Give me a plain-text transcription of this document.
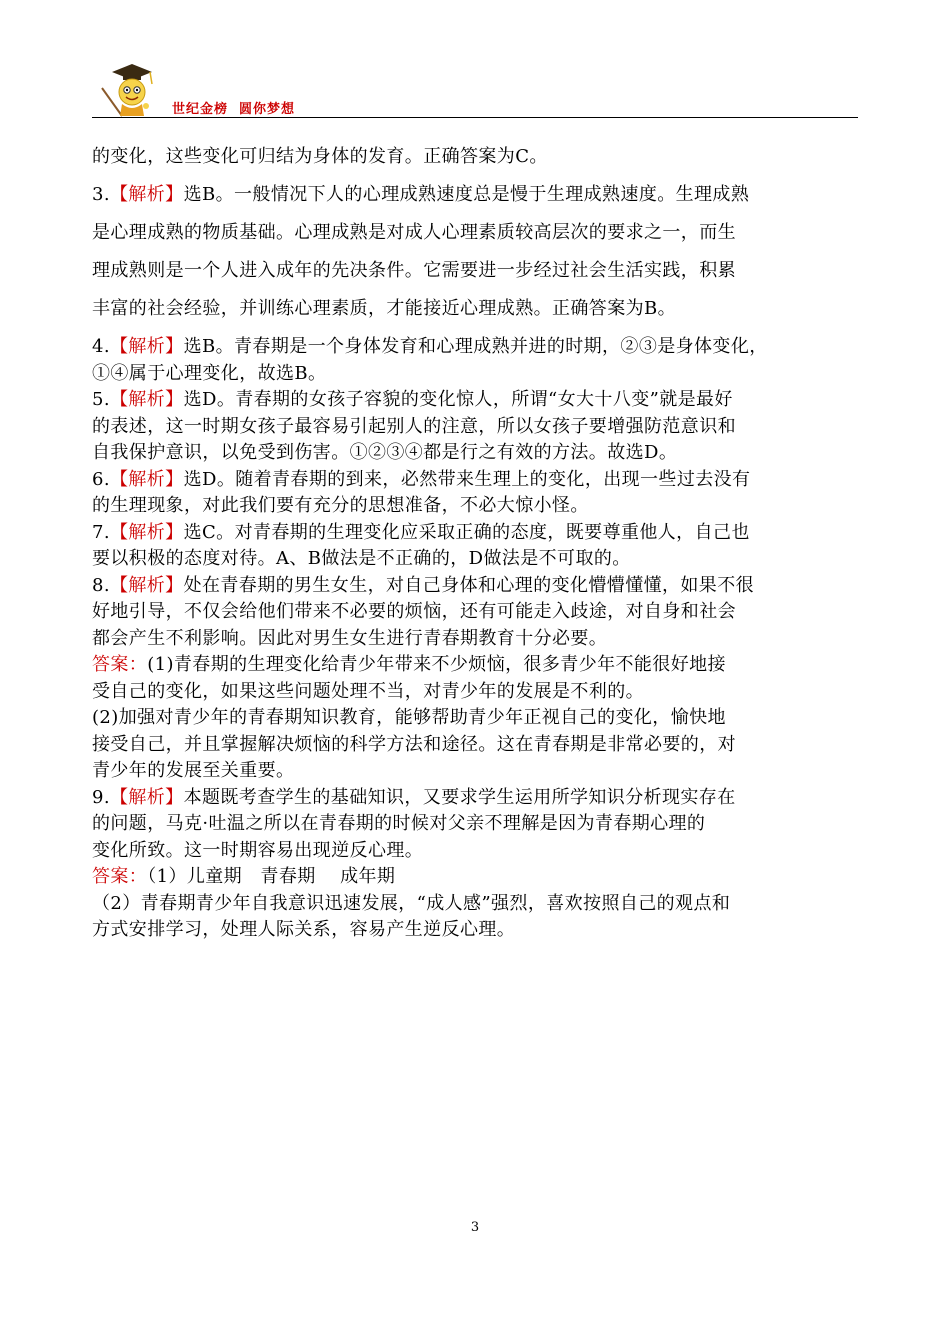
世纪金榜  圆你梦想
的变化，这些变化可归结为身体的发育。正确答案为C。
3.【解析】选B。一般情况下人的心理成熟速度总是慢于生理成熟速度。生理成熟
是心理成熟的物质基础。心理成熟是对成人心理素质较高层次的要求之一，而生
理成熟则是一个人进入成年的先决条件。它需要进一步经过社会生活实践，积累
丰富的社会经验，并训练心理素质，才能接近心理成熟。正确答案为B。
4.【解析】选B。青春期是一个身体发育和心理成熟并进的时期，②③是身体变化，
①④属于心理变化，故选B。
5.【解析】选D。青春期的女孩子容貌的变化惊人，所谓“女大十八变”就是最好
的表述，这一时期女孩子最容易引起别人的注意，所以女孩子要增强防范意识和
自我保护意识，以免受到伤害。①②③④都是行之有效的方法。故选D。
6.【解析】选D。随着青春期的到来，必然带来生理上的变化，出现一些过去没有
的生理现象，对此我们要有充分的思想准备，不必大惊小怪。
7.【解析】选C。对青春期的生理变化应采取正确的态度，既要尊重他人，自己也
要以积极的态度对待。A、B做法是不正确的，D做法是不可取的。
8.【解析】处在青春期的男生女生，对自己身体和心理的变化懵懵懂懂，如果不很
好地引导，不仅会给他们带来不必要的烦恼，还有可能走入歧途，对自身和社会
都会产生不利影响。因此对男生女生进行青春期教育十分必要。
答案：(1)青春期的生理变化给青少年带来不少烦恼，很多青少年不能很好地接
受自己的变化，如果这些问题处理不当，对青少年的发展是不利的。
(2)加强对青少年的青春期知识教育，能够帮助青少年正视自己的变化，愉快地
接受自己，并且掌握解决烦恼的科学方法和途径。这在青春期是非常必要的，对
青少年的发展至关重要。
9.【解析】本题既考查学生的基础知识，又要求学生运用所学知识分析现实存在
的问题，马克·吐温之所以在青春期的时候对父亲不理解是因为青春期心理的
变化所致。这一时期容易出现逆反心理。
答案：（1）儿童期   青春期    成年期
（2）青春期青少年自我意识迅速发展，“成人感”强烈，喜欢按照自己的观点和
方式安排学习，处理人际关系，容易产生逆反心理。
3
